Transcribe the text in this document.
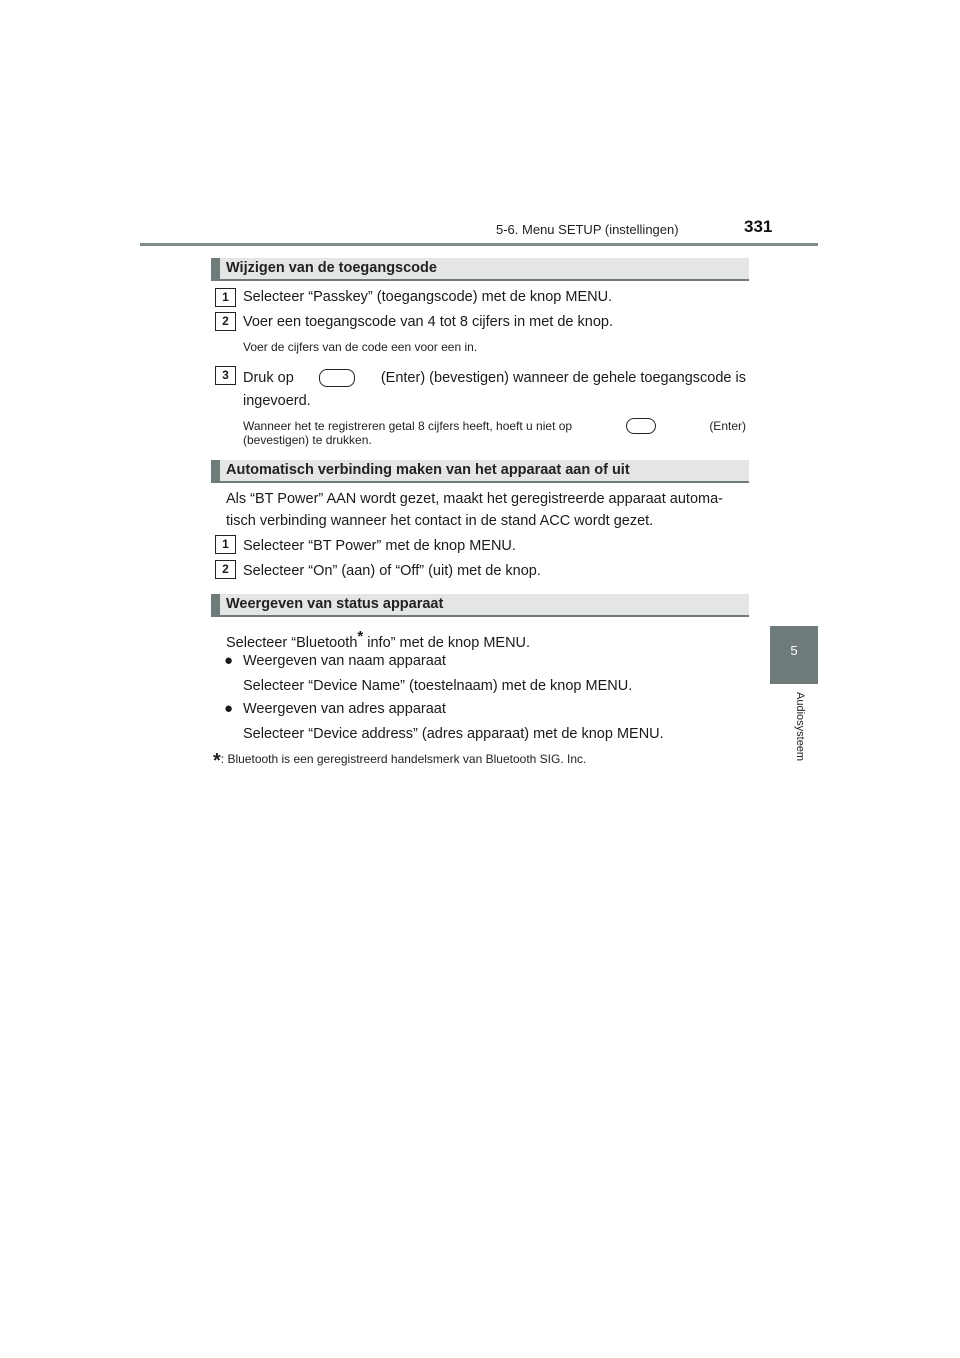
5-6. Menu SETUP (instellingen)	331
5
Audiosysteem
Wijzigen van de toegangscode
1 Selecteer “Passkey” (toegangscode) met de knop MENU.
2 Voer een toegangscode van 4 tot 8 cijfers in met de knop.
Voer de cijfers van de code een voor een in.
3 Druk op	(Enter) (bevestigen) wanneer de gehele toegangscode is
ingevoerd.
Wanneer het te registreren getal 8 cijfers heeft, hoeft u niet op	(Enter)
(bevestigen) te drukken.
Automatisch verbinding maken van het apparaat aan of uit
Als “BT Power” AAN wordt gezet, maakt het geregistreerde apparaat automa-
tisch verbinding wanneer het contact in de stand ACC wordt gezet.
1 Selecteer “BT Power” met de knop MENU.
2 Selecteer “On” (aan) of “Off” (uit) met de knop.
Weergeven van status apparaat
Selecteer “Bluetooth* info” met de knop MENU.
● Weergeven van naam apparaat
Selecteer “Device Name” (toestelnaam) met de knop MENU.
● Weergeven van adres apparaat
Selecteer “Device address” (adres apparaat) met de knop MENU.
*: Bluetooth is een geregistreerd handelsmerk van Bluetooth SIG. Inc.
